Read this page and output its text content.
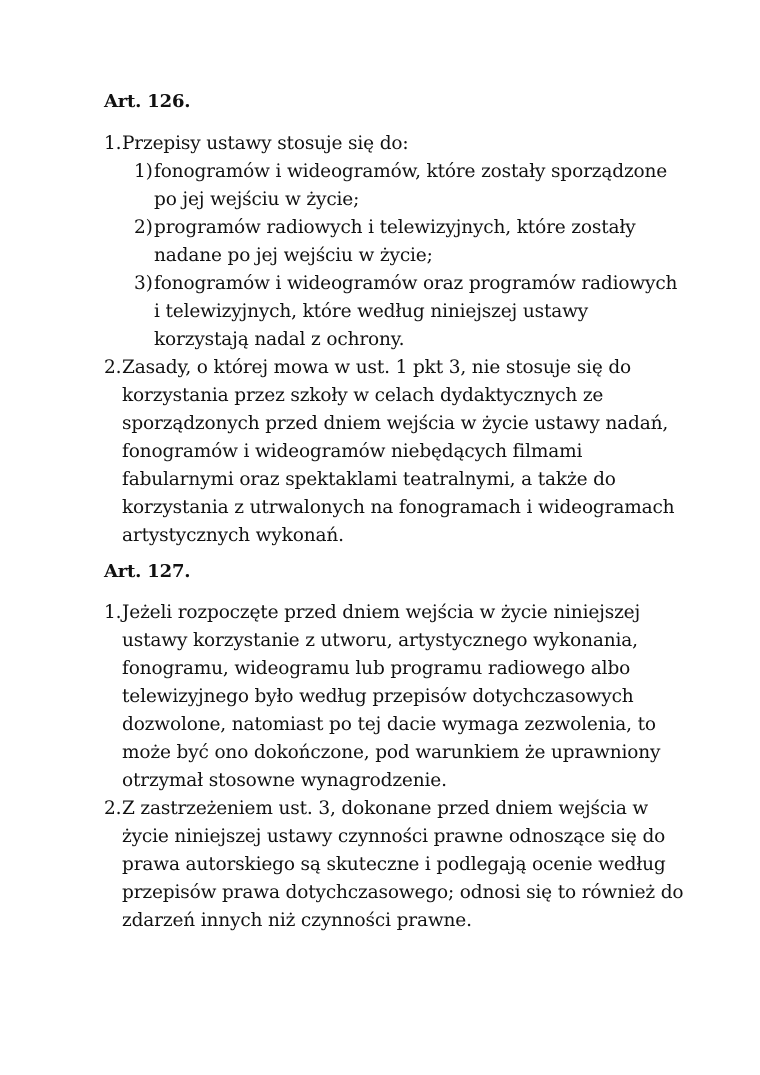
Art. 126.
1. Przepisy ustawy stosuje się do:
1) fonogramów i wideogramów, które zostały sporządzone po jej wejściu w życie;
2) programów radiowych i telewizyjnych, które zostały nadane po jej wejściu w życie;
3) fonogramów i wideogramów oraz programów radiowych i telewizyjnych, które według niniejszej ustawy korzystają nadal z ochrony.
2. Zasady, o której mowa w ust. 1 pkt 3, nie stosuje się do korzystania przez szkoły w celach dydaktycznych ze sporządzonych przed dniem wejścia w życie ustawy nadań, fonogramów i wideogramów niebędących filmami fabularnymi oraz spektaklami teatralnymi, a także do korzystania z utrwalonych na fonogramach i wideogramach artystycznych wykonań.
Art. 127.
1. Jeżeli rozpoczęte przed dniem wejścia w życie niniejszej ustawy korzystanie z utworu, artystycznego wykonania, fonogramu, wideogramu lub programu radiowego albo telewizyjnego było według przepisów dotychczasowych dozwolone, natomiast po tej dacie wymaga zezwolenia, to może być ono dokończone, pod warunkiem że uprawniony otrzymał stosowne wynagrodzenie.
2. Z zastrzeżeniem ust. 3, dokonane przed dniem wejścia w życie niniejszej ustawy czynności prawne odnoszące się do prawa autorskiego są skuteczne i podlegają ocenie według przepisów prawa dotychczasowego; odnosi się to również do zdarzeń innych niż czynności prawne.
